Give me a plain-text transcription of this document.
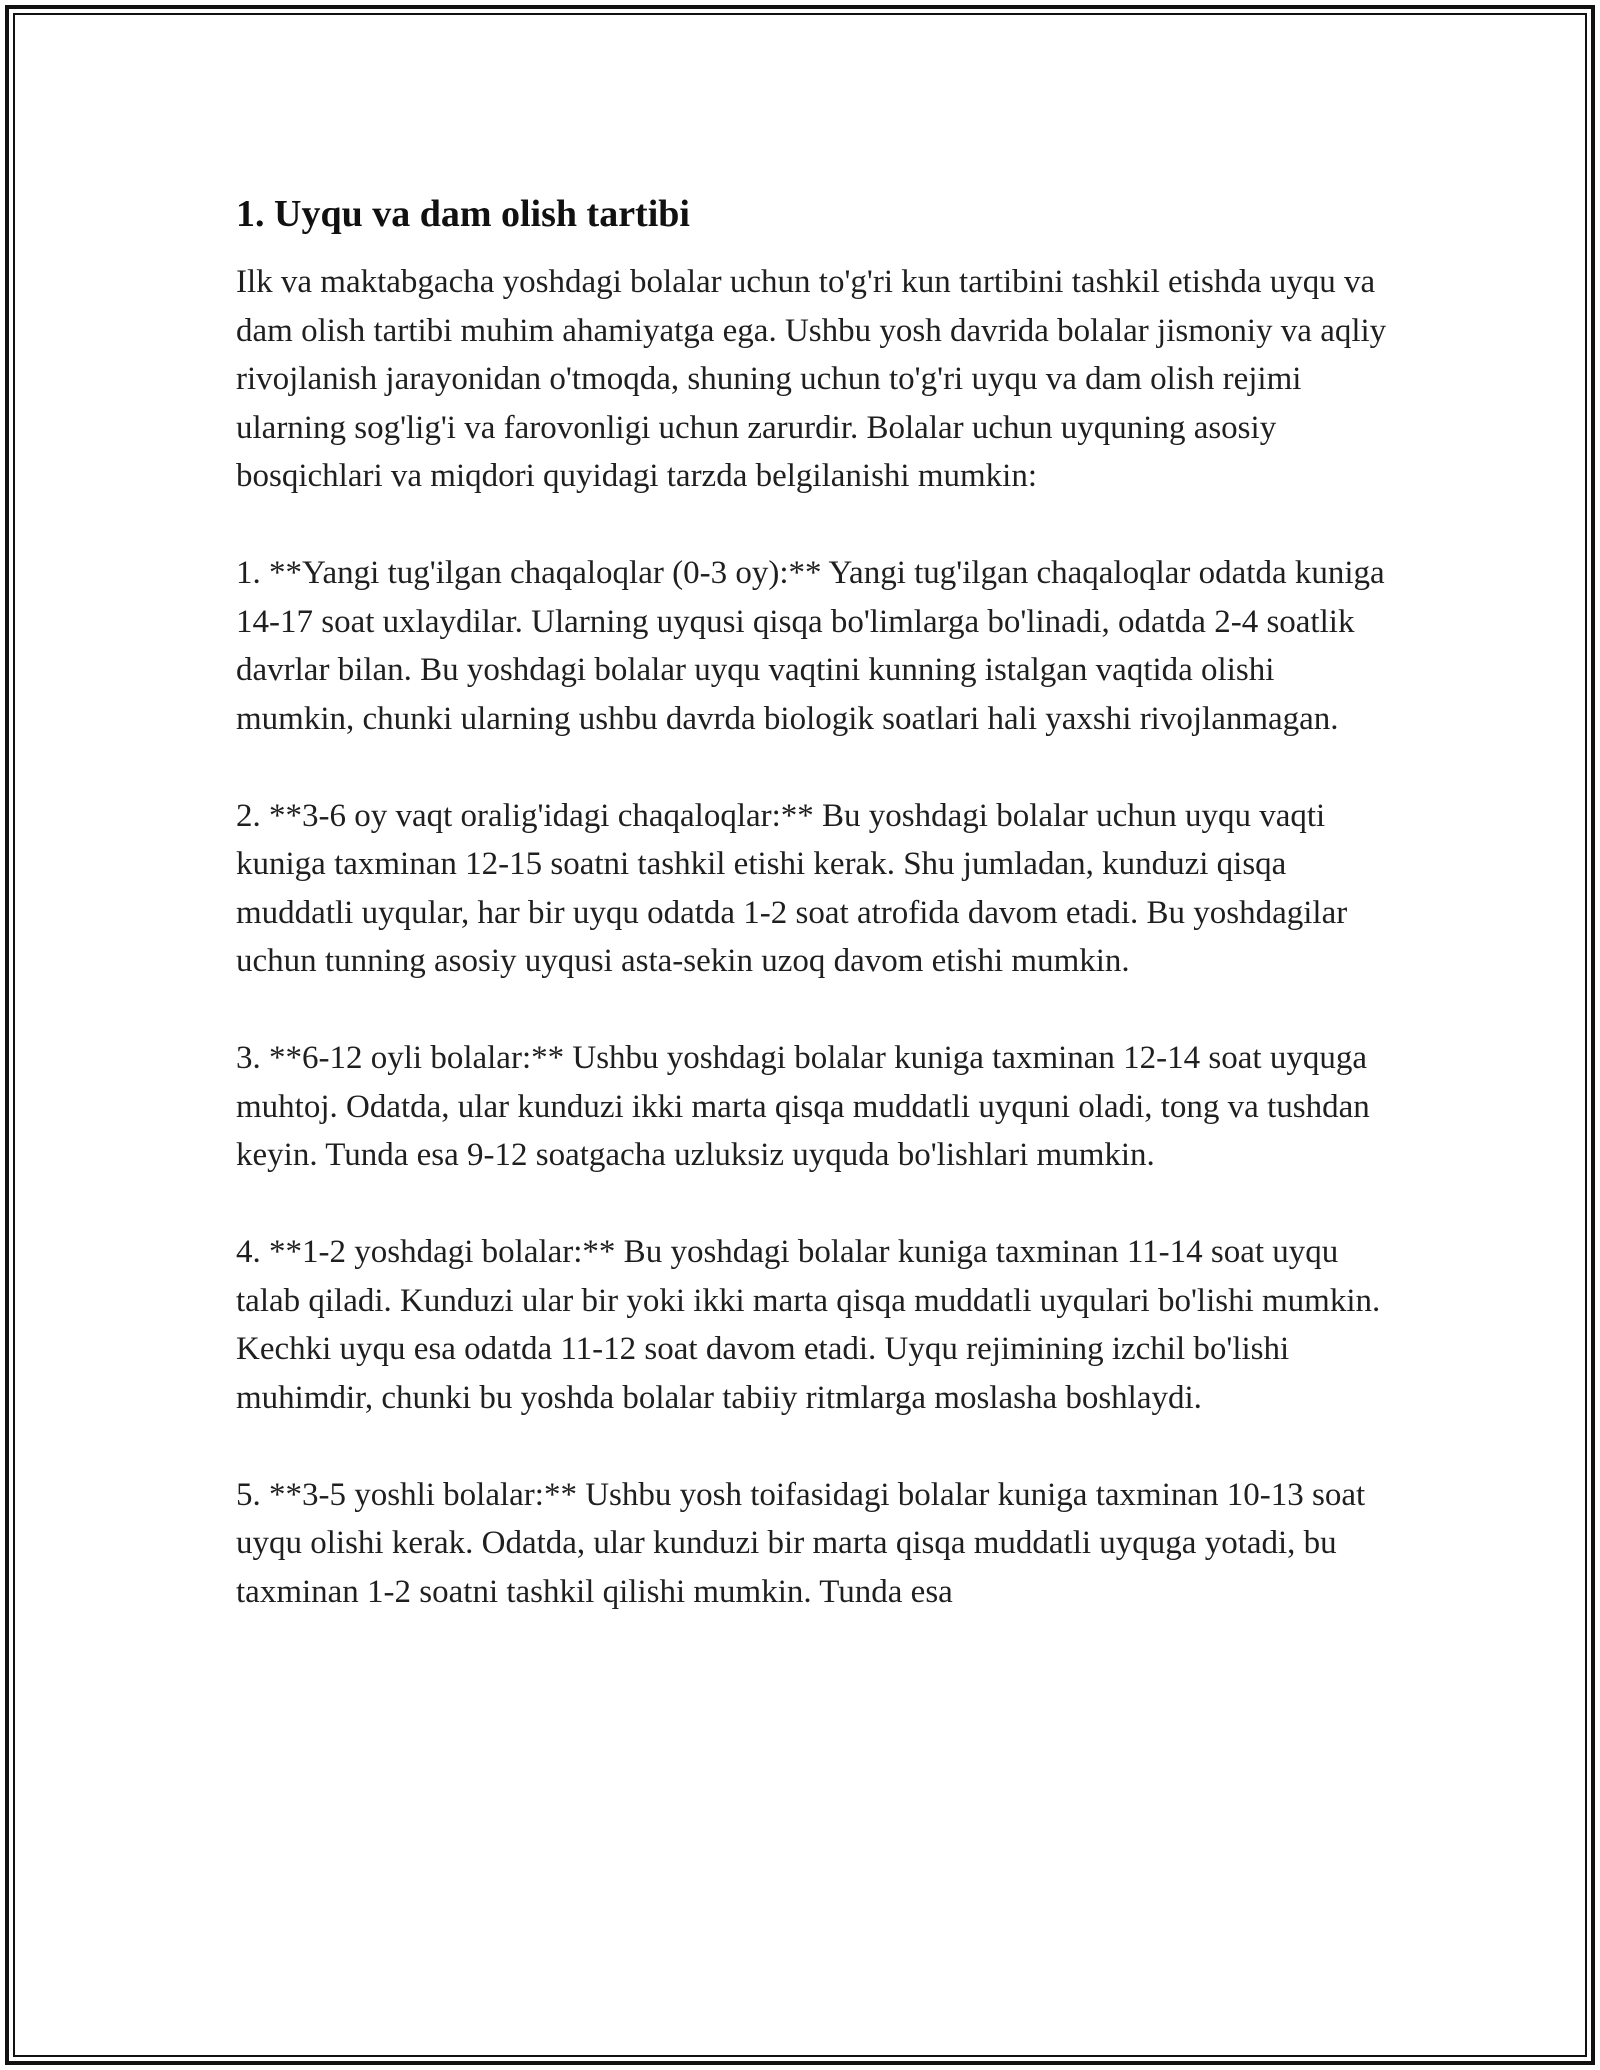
1. Uyqu va dam olish tartibi

Ilk va maktabgacha yoshdagi bolalar uchun to'g'ri kun tartibini tashkil etishda uyqu va dam olish tartibi muhim ahamiyatga ega. Ushbu yosh davrida bolalar jismoniy va aqliy rivojlanish jarayonidan o'tmoqda, shuning uchun to'g'ri uyqu va dam olish rejimi ularning sog'lig'i va farovonligi uchun zarurdir. Bolalar uchun uyquning asosiy bosqichlari va miqdori quyidagi tarzda belgilanishi mumkin:

1. **Yangi tug'ilgan chaqaloqlar (0-3 oy):** Yangi tug'ilgan chaqaloqlar odatda kuniga 14-17 soat uxlaydilar. Ularning uyqusi qisqa bo'limlarga bo'linadi, odatda 2-4 soatlik davrlar bilan. Bu yoshdagi bolalar uyqu vaqtini kunning istalgan vaqtida olishi mumkin, chunki ularning ushbu davrda biologik soatlari hali yaxshi rivojlanmagan.

2. **3-6 oy vaqt oralig'idagi chaqaloqlar:** Bu yoshdagi bolalar uchun uyqu vaqti kuniga taxminan 12-15 soatni tashkil etishi kerak. Shu jumladan, kunduzi qisqa muddatli uyqular, har bir uyqu odatda 1-2 soat atrofida davom etadi. Bu yoshdagilar uchun tunning asosiy uyqusi asta-sekin uzoq davom etishi mumkin.

3. **6-12 oyli bolalar:** Ushbu yoshdagi bolalar kuniga taxminan 12-14 soat uyquga muhtoj. Odatda, ular kunduzi ikki marta qisqa muddatli uyquni oladi, tong va tushdan keyin. Tunda esa 9-12 soatgacha uzluksiz uyquda bo'lishlari mumkin.

4. **1-2 yoshdagi bolalar:** Bu yoshdagi bolalar kuniga taxminan 11-14 soat uyqu talab qiladi. Kunduzi ular bir yoki ikki marta qisqa muddatli uyqulari bo'lishi mumkin. Kechki uyqu esa odatda 11-12 soat davom etadi. Uyqu rejimining izchil bo'lishi muhimdir, chunki bu yoshda bolalar tabiiy ritmlarga moslasha boshlaydi.

5. **3-5 yoshli bolalar:** Ushbu yosh toifasidagi bolalar kuniga taxminan 10-13 soat uyqu olishi kerak. Odatda, ular kunduzi bir marta qisqa muddatli uyquga yotadi, bu taxminan 1-2 soatni tashkil qilishi mumkin. Tunda esa
